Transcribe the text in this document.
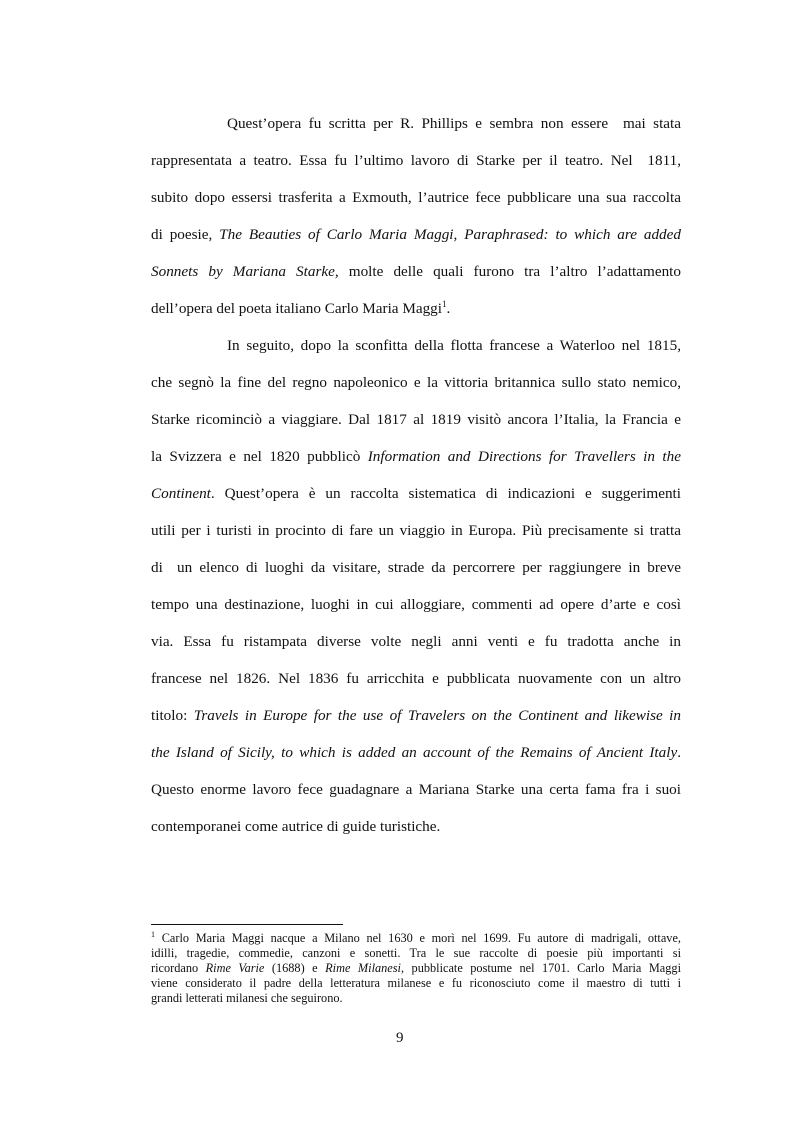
Quest’opera fu scritta per R. Phillips e sembra non essere  mai stata
rappresentata a teatro. Essa fu l’ultimo lavoro di Starke per il teatro. Nel  1811,
subito dopo essersi trasferita a Exmouth, l’autrice fece pubblicare una sua raccolta
di poesie, The Beauties of Carlo Maria Maggi, Paraphrased: to which are added
Sonnets by Mariana Starke, molte delle quali furono tra l’altro l’adattamento
dell’opera del poeta italiano Carlo Maria Maggi$^1$.
In seguito, dopo la sconfitta della flotta francese a Waterloo nel 1815,
che segnò la fine del regno napoleonico e la vittoria britannica sullo stato nemico,
Starke ricominciò a viaggiare. Dal 1817 al 1819 visitò ancora l’Italia, la Francia e
la Svizzera e nel 1820 pubblicò Information and Directions for Travellers in the
Continent. Quest’opera è un raccolta sistematica di indicazioni e suggerimenti
utili per i turisti in procinto di fare un viaggio in Europa. Più precisamente si tratta
di  un elenco di luoghi da visitare, strade da percorrere per raggiungere in breve
tempo una destinazione, luoghi in cui alloggiare, commenti ad opere d’arte e così
via. Essa fu ristampata diverse volte negli anni venti e fu tradotta anche in
francese nel 1826. Nel 1836 fu arricchita e pubblicata nuovamente con un altro
titolo: Travels in Europe for the use of Travelers on the Continent and likewise in
the Island of Sicily, to which is added an account of the Remains of Ancient Italy.
Questo enorme lavoro fece guadagnare a Mariana Starke una certa fama fra i suoi
contemporanei come autrice di guide turistiche.
$^1$ Carlo Maria Maggi nacque a Milano nel 1630 e morì nel 1699. Fu autore di madrigali, ottave,
idilli, tragedie, commedie, canzoni e sonetti. Tra le sue raccolte di poesie più importanti si
ricordano Rime Varie (1688) e Rime Milanesi, pubblicate postume nel 1701. Carlo Maria Maggi
viene considerato il padre della letteratura milanese e fu riconosciuto come il maestro di tutti i
grandi letterati milanesi che seguirono.
9
